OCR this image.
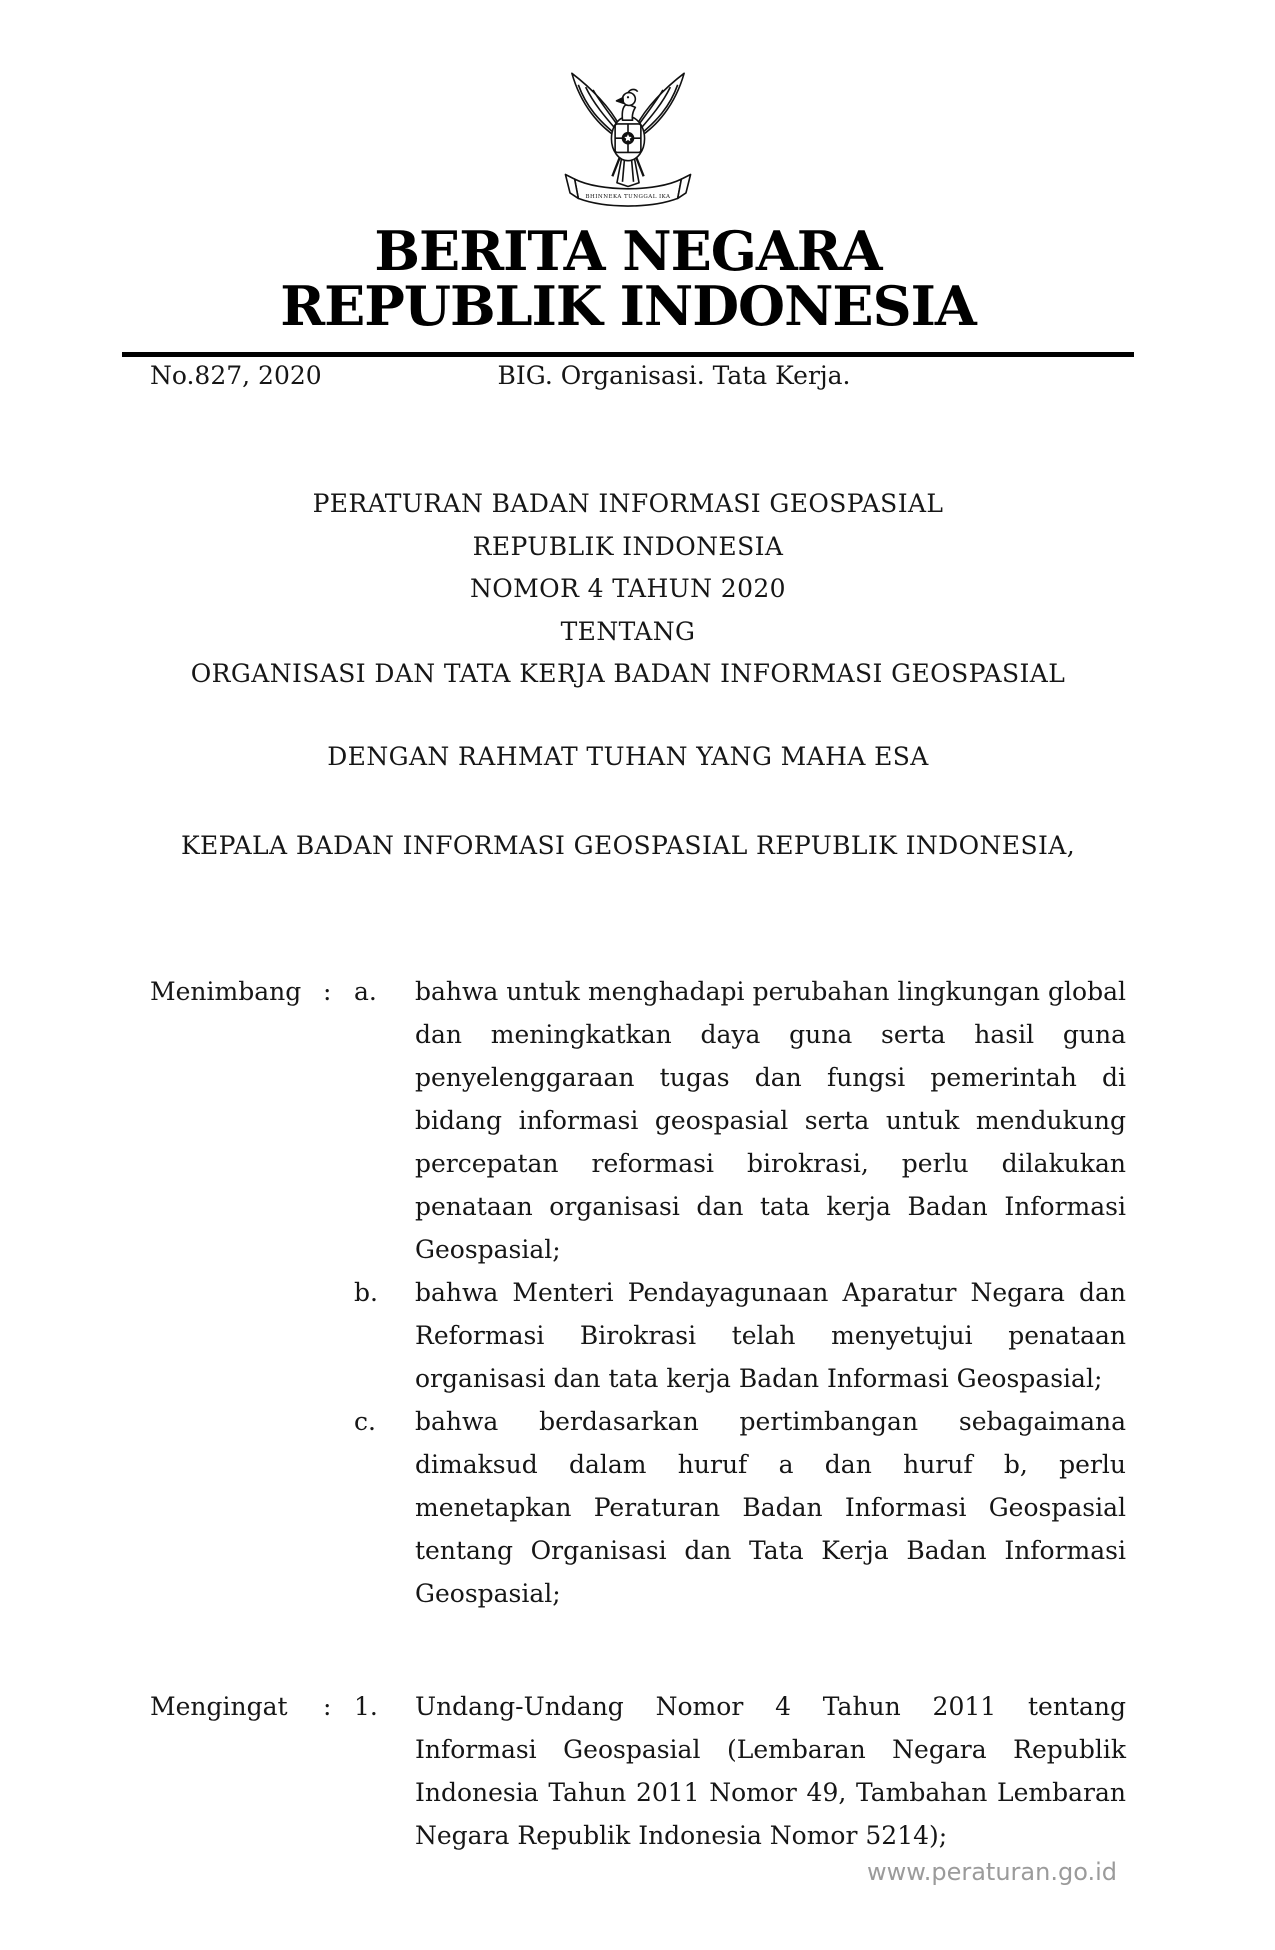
BHINNEKA TUNGGAL IKA
BERITA NEGARA
REPUBLIK INDONESIA
No.827, 2020	BIG. Organisasi. Tata Kerja.
PERATURAN BADAN INFORMASI GEOSPASIAL
REPUBLIK INDONESIA
NOMOR 4 TAHUN 2020
TENTANG
ORGANISASI DAN TATA KERJA BADAN INFORMASI GEOSPASIAL
DENGAN RAHMAT TUHAN YANG MAHA ESA
KEPALA BADAN INFORMASI GEOSPASIAL REPUBLIK INDONESIA,
Menimbang : a.	bahwa untuk menghadapi perubahan lingkungan global dan meningkatkan daya guna serta hasil guna penyelenggaraan tugas dan fungsi pemerintah di bidang informasi geospasial serta untuk mendukung percepatan reformasi birokrasi, perlu dilakukan penataan organisasi dan tata kerja Badan Informasi Geospasial;
b.	bahwa Menteri Pendayagunaan Aparatur Negara dan Reformasi Birokrasi telah menyetujui penataan organisasi dan tata kerja Badan Informasi Geospasial;
c.	bahwa berdasarkan pertimbangan sebagaimana dimaksud dalam huruf a dan huruf b, perlu menetapkan Peraturan Badan Informasi Geospasial tentang Organisasi dan Tata Kerja Badan Informasi Geospasial;
Mengingat	: 1.	Undang-Undang Nomor 4 Tahun 2011 tentang Informasi Geospasial (Lembaran Negara Republik Indonesia Tahun 2011 Nomor 49, Tambahan Lembaran Negara Republik Indonesia Nomor 5214);
www.peraturan.go.id
